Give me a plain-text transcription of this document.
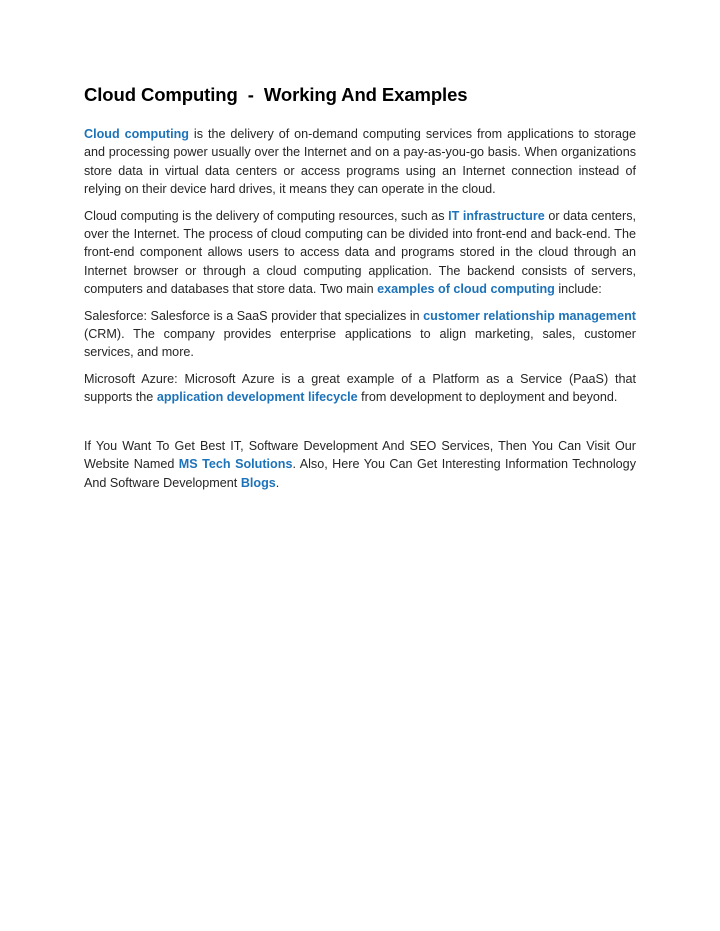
Cloud Computing  -  Working And Examples

Cloud computing is the delivery of on-demand computing services from applications to storage and processing power usually over the Internet and on a pay-as-you-go basis. When organizations store data in virtual data centers or access programs using an Internet connection instead of relying on their device hard drives, it means they can operate in the cloud.

Cloud computing is the delivery of computing resources, such as IT infrastructure or data centers, over the Internet. The process of cloud computing can be divided into front-end and back-end. The front-end component allows users to access data and programs stored in the cloud through an Internet browser or through a cloud computing application. The backend consists of servers, computers and databases that store data. Two main examples of cloud computing include:

Salesforce: Salesforce is a SaaS provider that specializes in customer relationship management (CRM). The company provides enterprise applications to align marketing, sales, customer services, and more.

Microsoft Azure: Microsoft Azure is a great example of a Platform as a Service (PaaS) that supports the application development lifecycle from development to deployment and beyond.

If You Want To Get Best IT, Software Development And SEO Services, Then You Can Visit Our Website Named MS Tech Solutions. Also, Here You Can Get Interesting Information Technology And Software Development Blogs.
